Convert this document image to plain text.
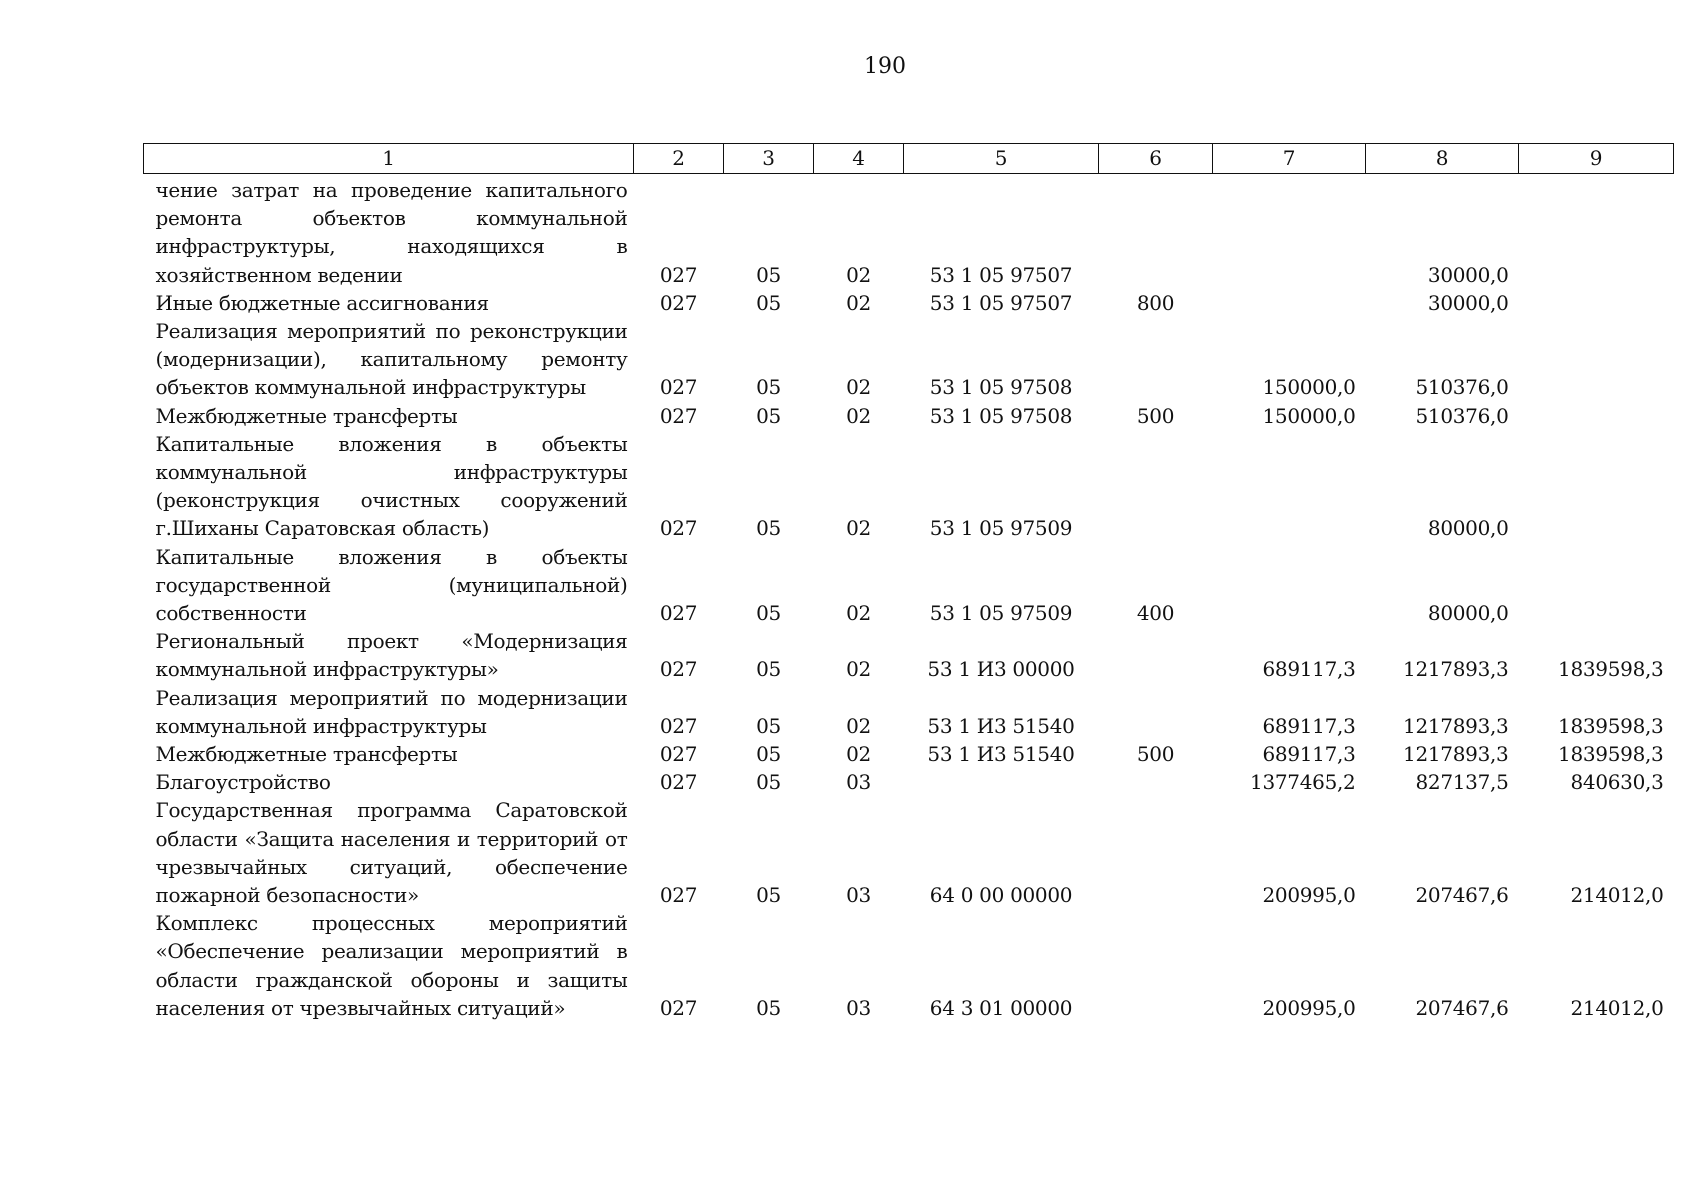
190
1	2	3	4	5	6	7	8	9
чение затрат на проведение капитального ремонта объектов коммунальной инфраструктуры, находящихся в хозяйственном ведении	027	05	02	53 1 05 97507			30000,0	
Иные бюджетные ассигнования	027	05	02	53 1 05 97507	800		30000,0	
Реализация мероприятий по реконструкции (модернизации), капитальному ремонту объектов коммунальной инфраструктуры	027	05	02	53 1 05 97508		150000,0	510376,0	
Межбюджетные трансферты	027	05	02	53 1 05 97508	500	150000,0	510376,0	
Капитальные вложения в объекты коммунальной инфраструктуры (реконструкция очистных сооружений г.Шиханы Саратовская область)	027	05	02	53 1 05 97509			80000,0	
Капитальные вложения в объекты государственной (муниципальной) собственности	027	05	02	53 1 05 97509	400		80000,0	
Региональный проект «Модернизация коммунальной инфраструктуры»	027	05	02	53 1 И3 00000		689117,3	1217893,3	1839598,3
Реализация мероприятий по модернизации коммунальной инфраструктуры	027	05	02	53 1 И3 51540		689117,3	1217893,3	1839598,3
Межбюджетные трансферты	027	05	02	53 1 И3 51540	500	689117,3	1217893,3	1839598,3
Благоустройство	027	05	03			1377465,2	827137,5	840630,3
Государственная программа Саратовской области «Защита населения и территорий от чрезвычайных ситуаций, обеспечение пожарной безопасности»	027	05	03	64 0 00 00000		200995,0	207467,6	214012,0
Комплекс процессных мероприятий «Обеспечение реализации мероприятий в области гражданской обороны и защиты населения от чрезвычайных ситуаций»	027	05	03	64 3 01 00000		200995,0	207467,6	214012,0
